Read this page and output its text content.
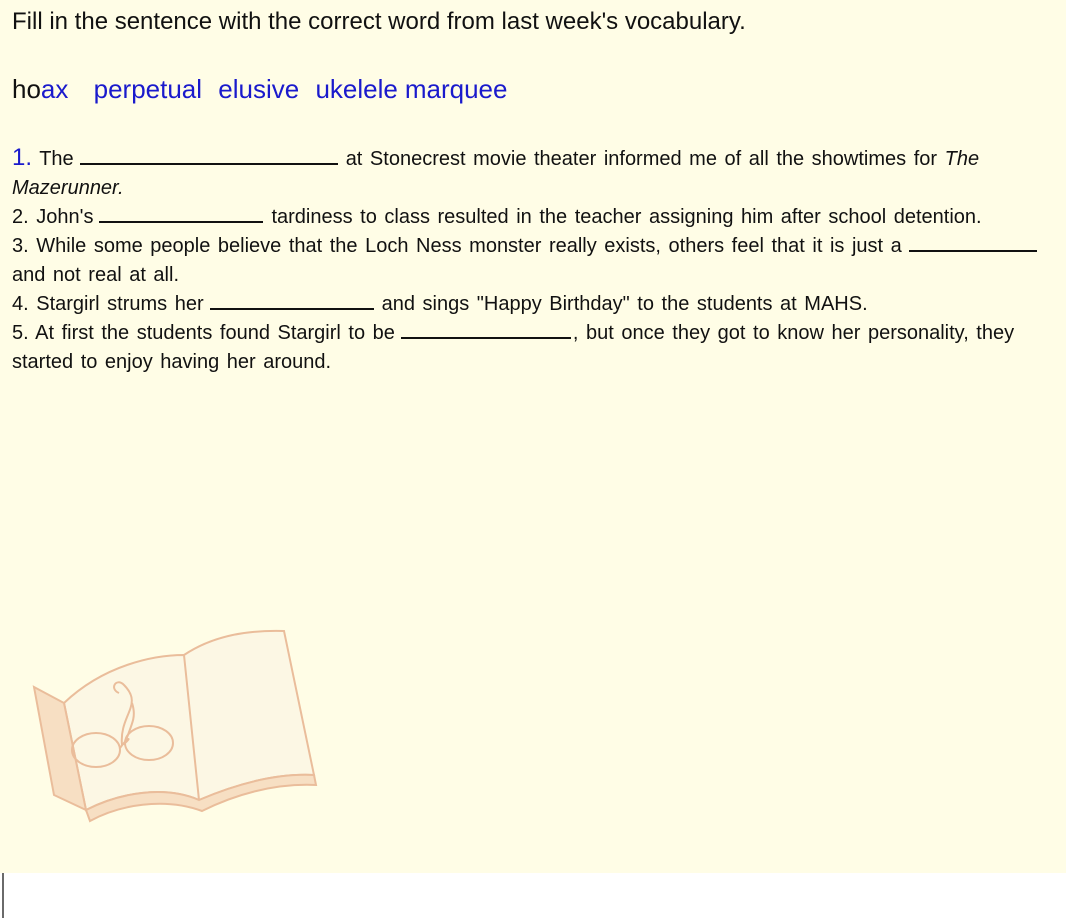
Fill in the sentence with the correct word from last week's vocabulary.
hoax perpetual elusive ukelele marquee
1. The	at Stonecrest movie theater informed me of all the showtimes for The Mazerunner.
2. John's	tardiness to class resulted in the teacher assigning him after school detention.
3. While some people believe that the Loch Ness monster really exists, others feel that it is just a and not real at all.
4. Stargirl strums her	and sings "Happy Birthday" to the students at MAHS.
5. At first the students found Stargirl to be	, but once they got to know her personality, they started to enjoy having her around.
